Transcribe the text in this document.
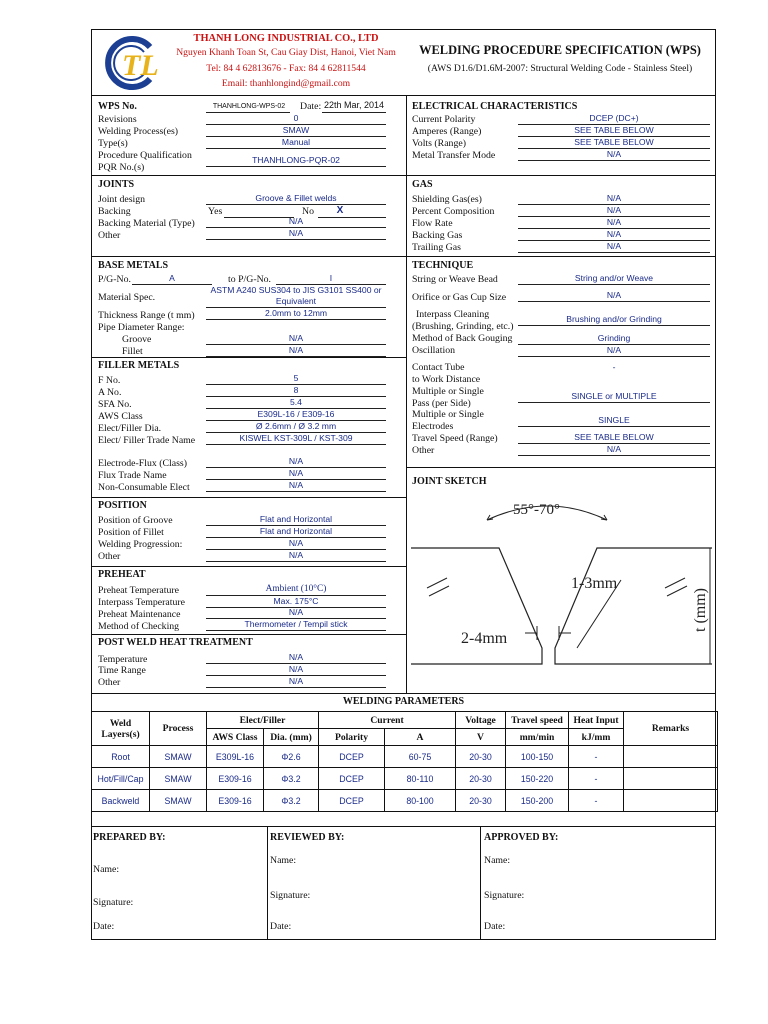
TL
THANH LONG INDUSTRIAL CO., LTD
Nguyen Khanh Toan St, Cau Giay Dist, Hanoi, Viet Nam
Tel: 84 4 62813676 - Fax: 84 4 62811544
Email: thanhlongind@gmail.com
WELDING PROCEDURE SPECIFICATION (WPS)
(AWS D1.6/D1.6M-2007: Structural Welding Code - Stainless Steel)
WPS No.	THANHLONG-WPS-02	Date: 22th Mar, 2014
Revisions	0
Welding Process(es)	SMAW
Type(s)	Manual
Procedure Qualification
PQR No.(s)
THANHLONG-PQR-02
ELECTRICAL CHARACTERISTICS
Current Polarity	DCEP (DC+)
Amperes (Range)	SEE TABLE BELOW
Volts (Range)	SEE TABLE BELOW
Metal Transfer Mode	N/A
JOINTS
Joint design	Groove & Fillet welds
Backing	Yes	No	X
Backing Material (Type)	N/A
Other	N/A
GAS
Shielding Gas(es)	N/A
Percent Composition	N/A
Flow Rate	N/A
Backing Gas	N/A
Trailing Gas	N/A
BASE METALS
P/G-No.	A	to P/G-No.	I
Material Spec.
ASTM A240 SUS304 to JIS G3101 SS400 or
Equivalent
Thickness Range (t mm)	2.0mm to 12mm
Pipe Diameter Range:
Groove	N/A
Fillet	N/A
FILLER METALS
F No.	5
A No.	8
SFA No.	5.4
AWS Class	E309L-16 / E309-16
Elect/Filler Dia.	Ø 2.6mm / Ø 3.2 mm
Elect/ Filler Trade Name	KISWEL KST-309L / KST-309
Electrode-Flux (Class)	N/A
Flux Trade Name	N/A
Non-Consumable Elect	N/A
TECHNIQUE
String or Weave Bead	String and/or Weave
Orifice or Gas Cup Size	N/A
Interpass Cleaning
(Brushing, Grinding, etc.)
Brushing and/or Grinding
Method of Back Gouging	Grinding
Oscillation	N/A
Contact Tube
to Work Distance
-
Multiple or Single
Pass (per Side)
SINGLE or MULTIPLE
Multiple or Single
Electrodes
SINGLE
Travel Speed (Range)	SEE TABLE BELOW
Other	N/A
JOINT SKETCH
55°-70°
1-3mm
2-4mm
t (mm)
POSITION
Position of Groove	Flat and Horizontal
Position of Fillet	Flat and Horizontal
Welding Progression:	N/A
Other	N/A
PREHEAT
Preheat Temperature	Ambient (10°C)
Interpass Temperature	Max. 175°C
Preheat Maintenance	N/A
Method of Checking	Thermometer / Tempil stick
POST WELD HEAT TREATMENT
Temperature	N/A
Time Range	N/A
Other	N/A
WELDING PARAMETERS
Weld Layers(s)	Process	Elect/Filler		Current		Voltage	Travel speed	Heat Input	Remarks
		AWS Class	Dia. (mm)	Polarity	A	V	mm/min	kJ/mm	
Root	SMAW	E309L-16	Φ2.6	DCEP	60-75	20-30	100-150	-	
Hot/Fill/Cap	SMAW	E309-16	Φ3.2	DCEP	80-110	20-30	150-220	-	
Backweld	SMAW	E309-16	Φ3.2	DCEP	80-100	20-30	150-200	-	
PREPARED BY:
Name:
Signature:
Date:
REVIEWED BY:
Name:
Signature:
Date:
APPROVED BY:
Name:
Signature:
Date:
